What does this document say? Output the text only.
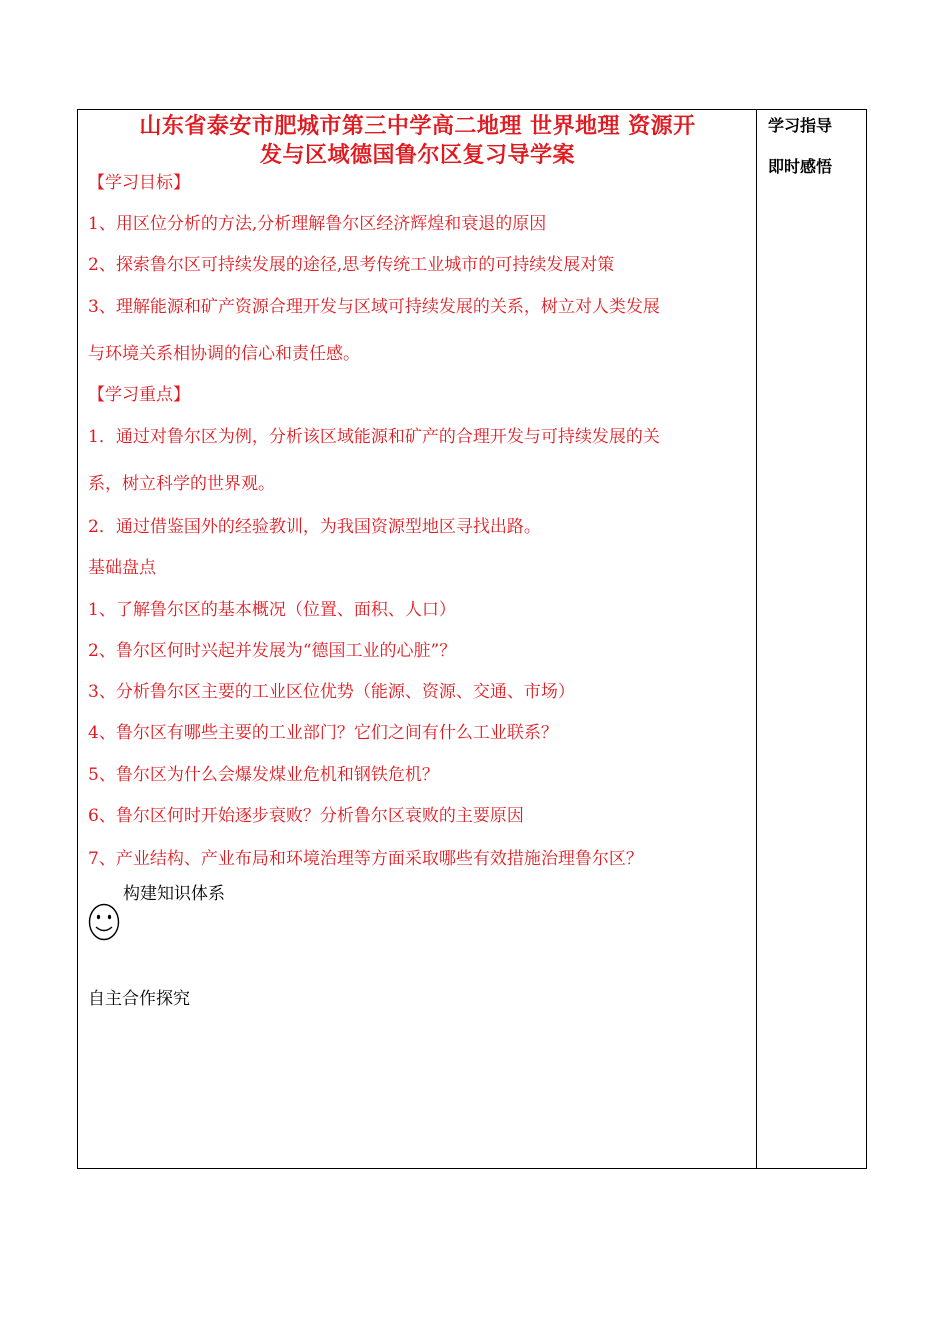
山东省泰安市肥城市第三中学高二地理 世界地理 资源开
发与区域德国鲁尔区复习导学案
【学习目标】
1、用区位分析的方法,分析理解鲁尔区经济辉煌和衰退的原因
2、探索鲁尔区可持续发展的途径,思考传统工业城市的可持续发展对策
3、理解能源和矿产资源合理开发与区域可持续发展的关系，树立对人类发展
与环境关系相协调的信心和责任感。
【学习重点】
1．通过对鲁尔区为例，分析该区域能源和矿产的合理开发与可持续发展的关
系，树立科学的世界观。
2．通过借鉴国外的经验教训，为我国资源型地区寻找出路。
基础盘点
1、了解鲁尔区的基本概况（位置、面积、人口）
2、鲁尔区何时兴起并发展为“德国工业的心脏”？
3、分析鲁尔区主要的工业区位优势（能源、资源、交通、市场）
4、鲁尔区有哪些主要的工业部门？它们之间有什么工业联系？
5、鲁尔区为什么会爆发煤业危机和钢铁危机？
6、鲁尔区何时开始逐步衰败？分析鲁尔区衰败的主要原因
7、产业结构、产业布局和环境治理等方面采取哪些有效措施治理鲁尔区？
构建知识体系
自主合作探究
学习指导
即时感悟
